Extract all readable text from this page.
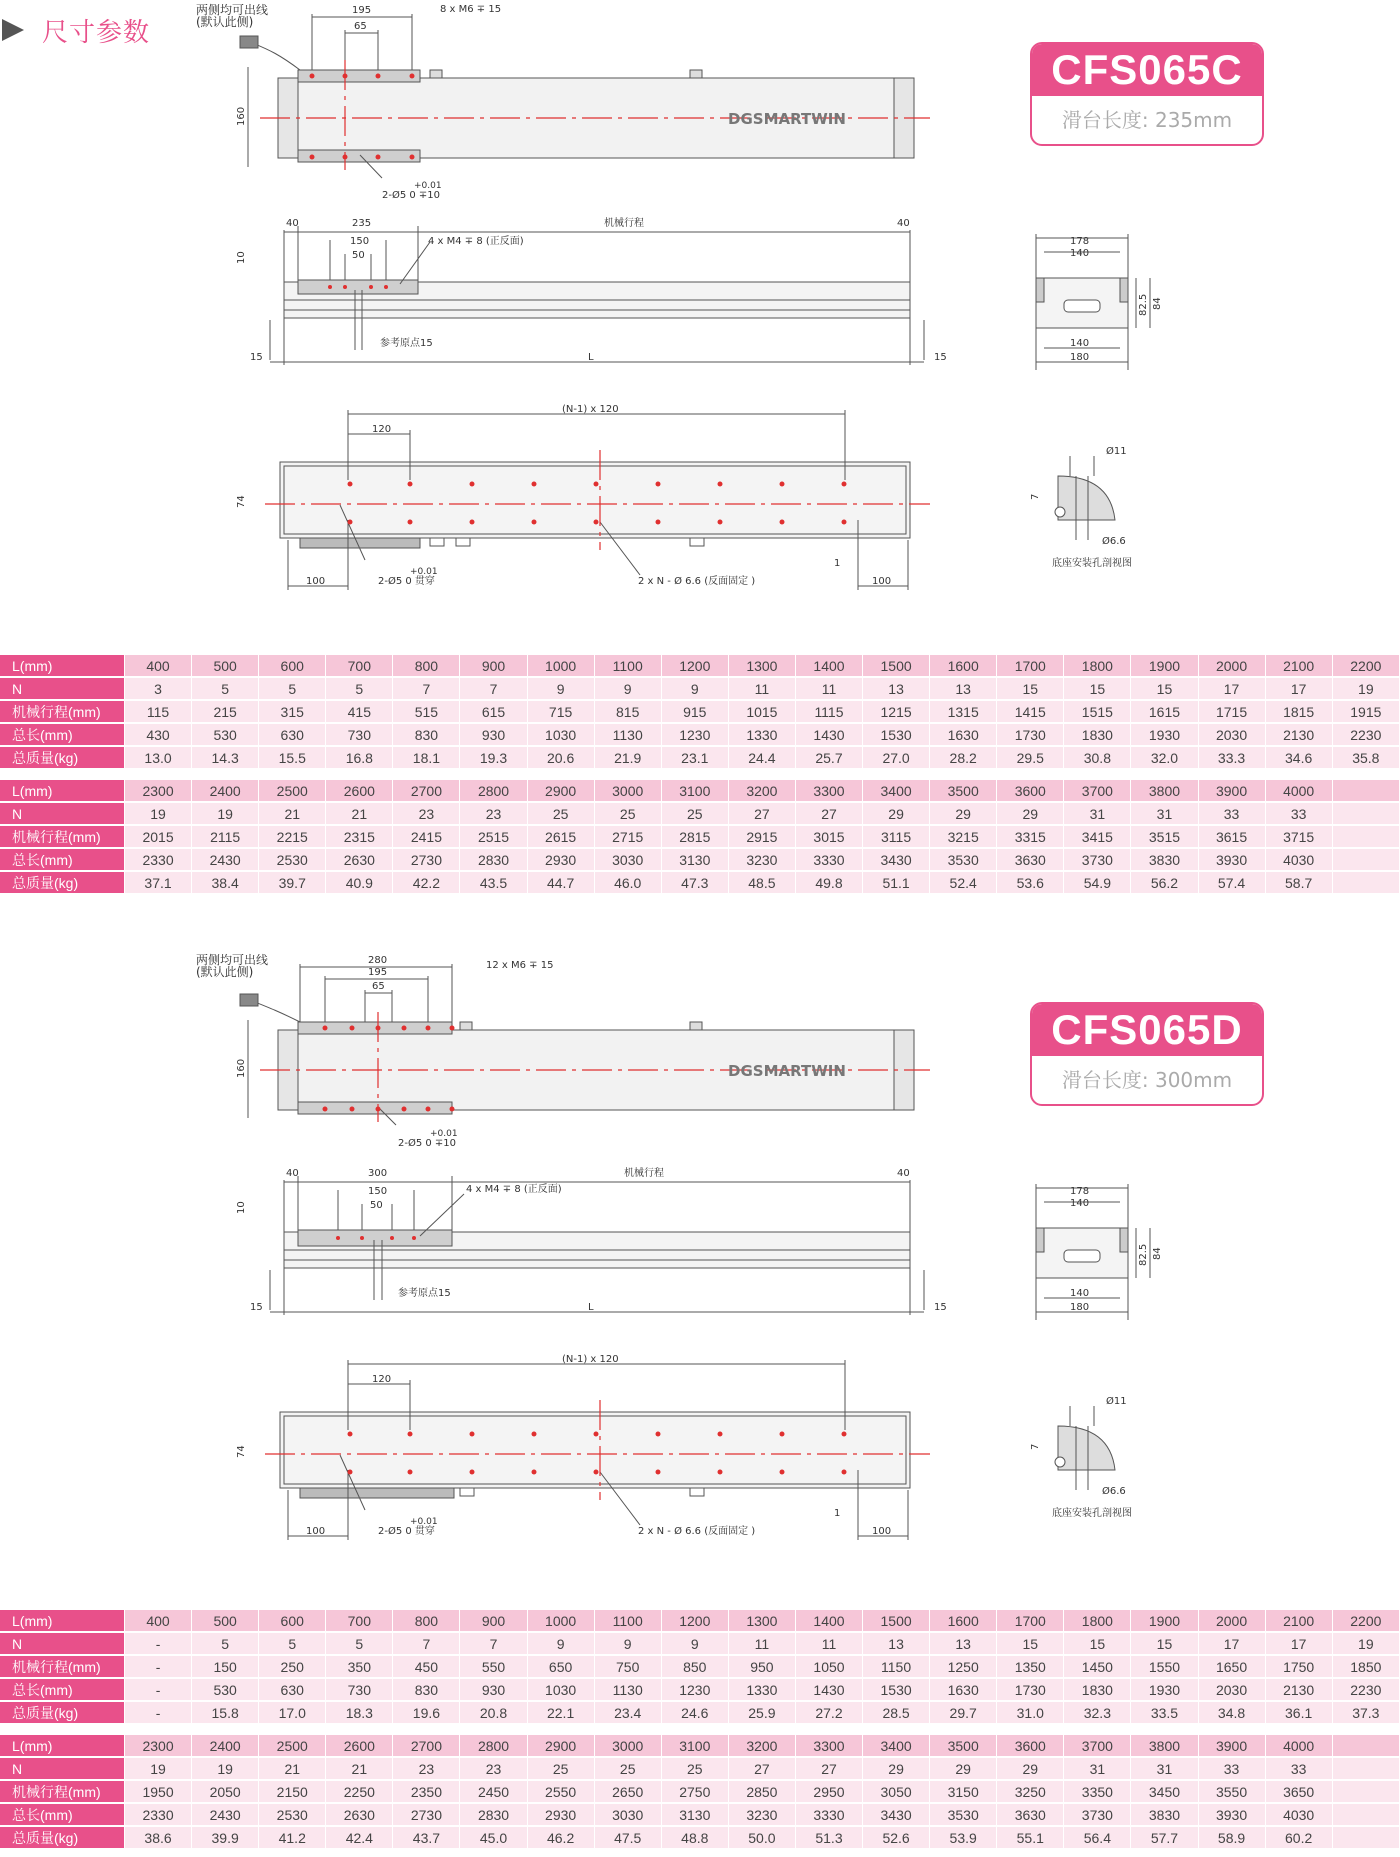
尺寸参数
CFS065C
滑台长度: 235mm
两侧均可出线
(默认此侧)
195
65
8 x M6 ∓ 15
160
+0.01
2-Ø5 0 ∓10
DGSMARTWIN
40	235
150
50
4 x M4 ∓ 8 (正反面)
机械行程	40
10
参考原点15
15	L	15
178
140
82.5 84
140
180
(N-1) x 120
120
74
100
+0.01
2-Ø5 0 贯穿	2 x N - Ø 6.6 (反面固定 )
1
100
Ø11
Ø6.6
7
底座安装孔剖视图
L(mm)	400	500	600	700	800	900	1000	1100	1200	1300	1400	1500	1600	1700	1800	1900	2000	2100	2200
N	3	5	5	5	7	7	9	9	9	11	11	13	13	15	15	15	17	17	19
机械行程(mm)	115	215	315	415	515	615	715	815	915	1015	1115	1215	1315	1415	1515	1615	1715	1815	1915
总长(mm)	430	530	630	730	830	930	1030	1130	1230	1330	1430	1530	1630	1730	1830	1930	2030	2130	2230
总质量(kg)	13.0	14.3	15.5	16.8	18.1	19.3	20.6	21.9	23.1	24.4	25.7	27.0	28.2	29.5	30.8	32.0	33.3	34.6	35.8
L(mm)	2300	2400	2500	2600	2700	2800	2900	3000	3100	3200	3300	3400	3500	3600	3700	3800	3900	4000	
N	19	19	21	21	23	23	25	25	25	27	27	29	29	29	31	31	33	33	
机械行程(mm)	2015	2115	2215	2315	2415	2515	2615	2715	2815	2915	3015	3115	3215	3315	3415	3515	3615	3715	
总长(mm)	2330	2430	2530	2630	2730	2830	2930	3030	3130	3230	3330	3430	3530	3630	3730	3830	3930	4030	
总质量(kg)	37.1	38.4	39.7	40.9	42.2	43.5	44.7	46.0	47.3	48.5	49.8	51.1	52.4	53.6	54.9	56.2	57.4	58.7	
CFS065D
滑台长度: 300mm
两侧均可出线
(默认此侧)
280
195
65
12 x M6 ∓ 15
160
+0.01
2-Ø5 0 ∓10
DGSMARTWIN
40	300
150
50
4 x M4 ∓ 8 (正反面)
机械行程	40
10
参考原点15
15	L	15
178
140
82.5 84
140
180
(N-1) x 120
120
74
100
+0.01
2-Ø5 0 贯穿	2 x N - Ø 6.6 (反面固定 )
1
100
Ø11
Ø6.6
7
底座安装孔剖视图
L(mm)	400	500	600	700	800	900	1000	1100	1200	1300	1400	1500	1600	1700	1800	1900	2000	2100	2200
N	-	5	5	5	7	7	9	9	9	11	11	13	13	15	15	15	17	17	19
机械行程(mm)	-	150	250	350	450	550	650	750	850	950	1050	1150	1250	1350	1450	1550	1650	1750	1850
总长(mm)	-	530	630	730	830	930	1030	1130	1230	1330	1430	1530	1630	1730	1830	1930	2030	2130	2230
总质量(kg)	-	15.8	17.0	18.3	19.6	20.8	22.1	23.4	24.6	25.9	27.2	28.5	29.7	31.0	32.3	33.5	34.8	36.1	37.3
L(mm)	2300	2400	2500	2600	2700	2800	2900	3000	3100	3200	3300	3400	3500	3600	3700	3800	3900	4000	
N	19	19	21	21	23	23	25	25	25	27	27	29	29	29	31	31	33	33	
机械行程(mm)	1950	2050	2150	2250	2350	2450	2550	2650	2750	2850	2950	3050	3150	3250	3350	3450	3550	3650	
总长(mm)	2330	2430	2530	2630	2730	2830	2930	3030	3130	3230	3330	3430	3530	3630	3730	3830	3930	4030	
总质量(kg)	38.6	39.9	41.2	42.4	43.7	45.0	46.2	47.5	48.8	50.0	51.3	52.6	53.9	55.1	56.4	57.7	58.9	60.2	
